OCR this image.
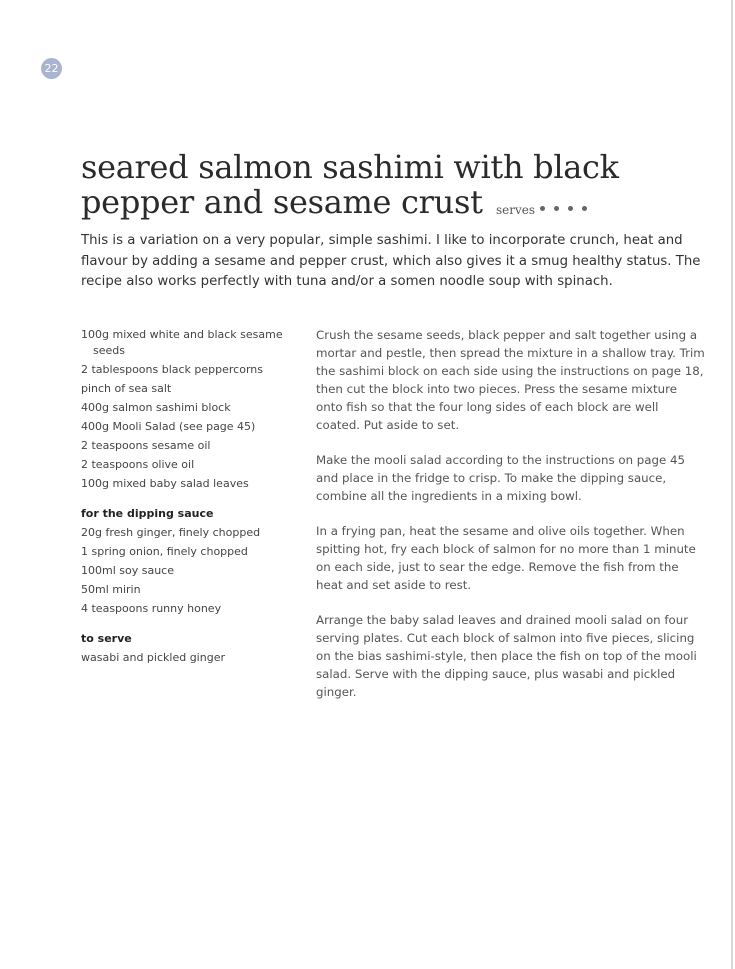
22
seared salmon sashimi with black
pepper and sesame crust	serves

This is a variation on a very popular, simple sashimi. I like to incorporate crunch, heat and flavour by adding a sesame and pepper crust, which also gives it a smug healthy status. The recipe also works perfectly with tuna and/or a somen noodle soup with spinach.

100g mixed white and black sesame seeds
2 tablespoons black peppercorns
pinch of sea salt
400g salmon sashimi block
400g Mooli Salad (see page 45)
2 teaspoons sesame oil
2 teaspoons olive oil
100g mixed baby salad leaves
for the dipping sauce
20g fresh ginger, finely chopped
1 spring onion, finely chopped
100ml soy sauce
50ml mirin
4 teaspoons runny honey
to serve
wasabi and pickled ginger

Crush the sesame seeds, black pepper and salt together using a mortar and pestle, then spread the mixture in a shallow tray. Trim the sashimi block on each side using the instructions on page 18, then cut the block into two pieces. Press the sesame mixture onto fish so that the four long sides of each block are well coated. Put aside to set.

Make the mooli salad according to the instructions on page 45 and place in the fridge to crisp. To make the dipping sauce, combine all the ingredients in a mixing bowl.

In a frying pan, heat the sesame and olive oils together. When spitting hot, fry each block of salmon for no more than 1 minute on each side, just to sear the edge. Remove the fish from the heat and set aside to rest.

Arrange the baby salad leaves and drained mooli salad on four serving plates. Cut each block of salmon into five pieces, slicing on the bias sashimi-style, then place the fish on top of the mooli salad. Serve with the dipping sauce, plus wasabi and pickled ginger.
